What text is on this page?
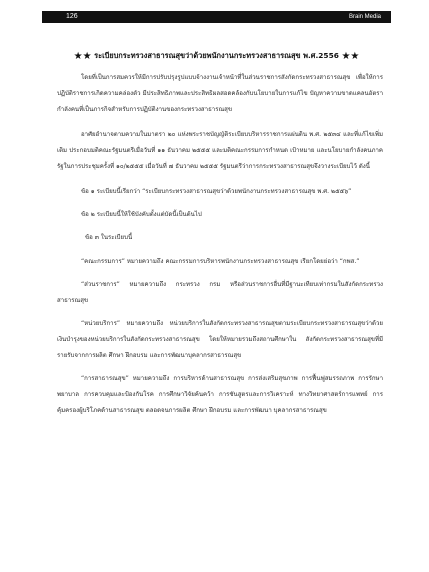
126	Brain Media
★★ ระเบียบกระทรวงสาธารณสุขว่าด้วยพนักงานกระทรวงสาธารณสุข พ.ศ.2556 ★★

โดยที่เป็นการสมควรให้มีการปรับปรุงรูปแบบจ้างงานเจ้าหน้าที่ในส่วนราชการสังกัดกระทรวงสาธารณสุข เพื่อให้การปฏิบัติราชการเกิดความคล่องตัว มีประสิทธิภาพและประสิทธิผลสอดคล้องกับนโยบายในการแก้ไข ปัญหาความขาดแคลนอัตรากำลังคนที่เป็นภารกิจสำหรับการปฏิบัติงานของกระทรวงสาธารณสุข

อาศัยอำนาจตามความในมาตรา ๒๐ แห่งพระราชบัญญัติระเบียบบริหารราชการแผ่นดิน พ.ศ. ๒๕๓๔ และที่แก้ไขเพิ่มเติม ประกอบมติคณะรัฐมนตรีเมื่อวันที่ ๑๑ ธันวาคม ๒๕๕๕ และมติคณะกรรมการกำหนด เป้าหมาย และนโยบายกำลังคนภาครัฐในการประชุมครั้งที่ ๑๐/๒๕๕๕ เมื่อวันที่ ๗ ธันวาคม ๒๕๕๕ รัฐมนตรีว่าการกระทรวงสาธารณสุขจึงวางระเบียบไว้ ดังนี้

ข้อ ๑ ระเบียบนี้เรียกว่า “ระเบียบกระทรวงสาธารณสุขว่าด้วยพนักงานกระทรวงสาธารณสุข พ.ศ. ๒๕๕๖”

ข้อ ๒ ระเบียบนี้ให้ใช้บังคับตั้งแต่บัดนี้เป็นต้นไป

ข้อ ๓ ในระเบียบนี้

“คณะกรรมการ” หมายความถึง คณะกรรมการบริหารพนักงานกระทรวงสาธารณสุข เรียกโดยย่อว่า “กพส.”

“ส่วนราชการ” หมายความถึง กระทรวง กรม หรือส่วนราชการอื่นที่มีฐานะเทียบเท่ากรมในสังกัดกระทรวงสาธารณสุข

“หน่วยบริการ” หมายความถึง หน่วยบริการในสังกัดกระทรวงสาธารณสุขตามระเบียบกระทรวงสาธารณสุขว่าด้วยเงินบำรุงของหน่วยบริการในสังกัดกระทรวงสาธารณสุข โดยให้หมายรวมถึงสถานศึกษาใน สังกัดกระทรวงสาธารณสุขที่มีรายรับจากการผลิต ศึกษา ฝึกอบรม และการพัฒนาบุคลากรสาธารณสุข

“การสาธารณสุข” หมายความถึง การบริหารด้านสาธารณสุข การส่งเสริมสุขภาพ การฟื้นฟูสมรรถภาพ การรักษาพยาบาล การควบคุมและป้องกันโรค การศึกษาวิจัยค้นคว้า การชันสูตรและการวิเคราะห์ ทางวิทยาศาสตร์การแพทย์ การคุ้มครองผู้บริโภคด้านสาธารณสุข ตลอดจนการผลิต ศึกษา ฝึกอบรม และการพัฒนา บุคลากรสาธารณสุข
